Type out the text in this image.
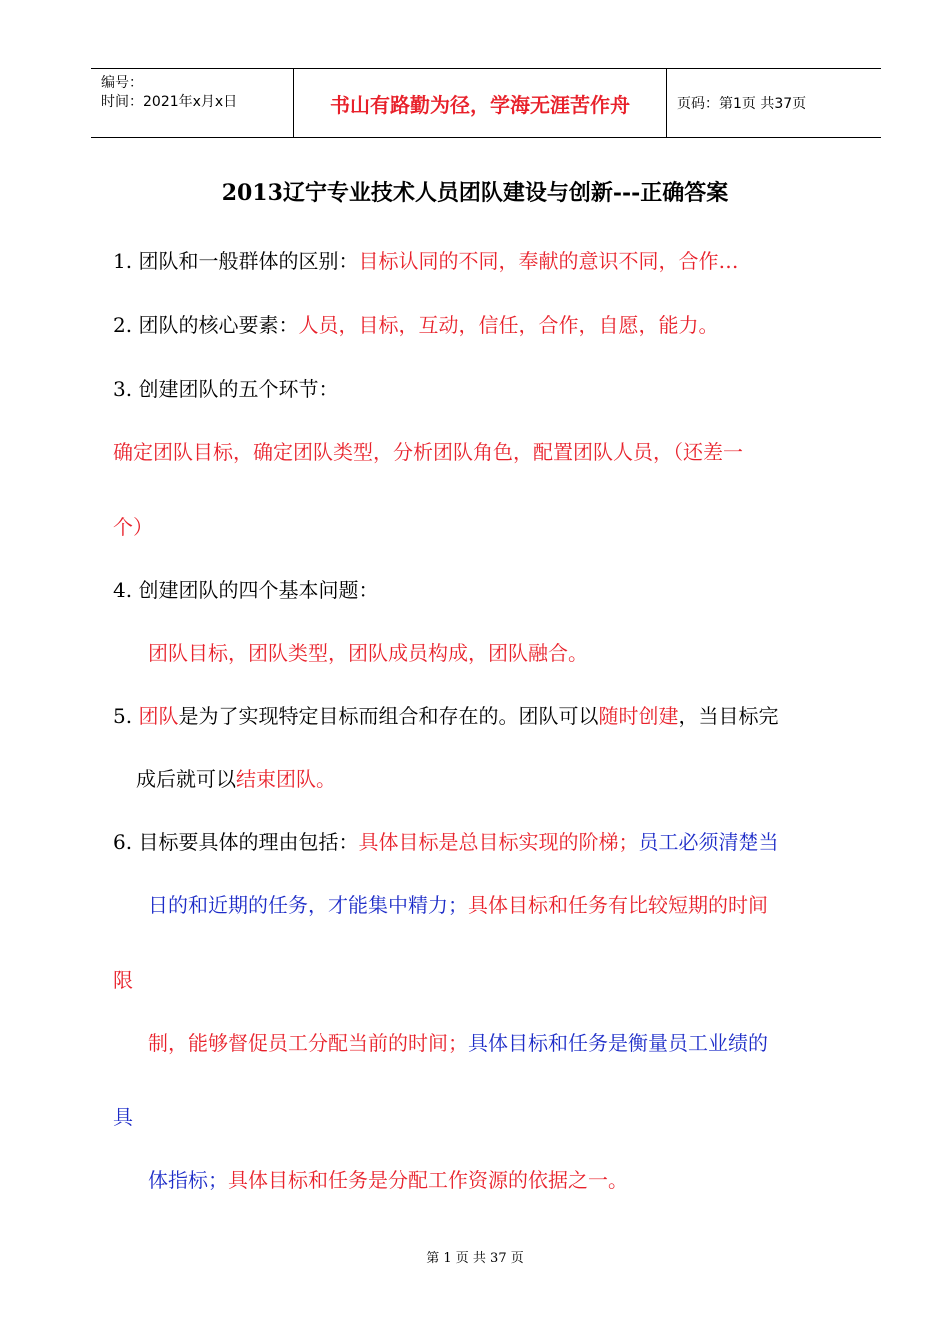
编号：
时间：2021年x月x日	书山有路勤为径，学海无涯苦作舟	页码：第1页 共37页
2013辽宁专业技术人员团队建设与创新---正确答案
1. 团队和一般群体的区别：目标认同的不同，奉献的意识不同，合作…
2. 团队的核心要素：人员，目标，互动，信任，合作，自愿，能力。
3. 创建团队的五个环节：
确定团队目标，确定团队类型，分析团队角色，配置团队人员，（还差一
个）
4. 创建团队的四个基本问题：
团队目标，团队类型，团队成员构成，团队融合。
5. 团队是为了实现特定目标而组合和存在的。团队可以随时创建，当目标完
成后就可以结束团队。
6. 目标要具体的理由包括：具体目标是总目标实现的阶梯；员工必须清楚当
日的和近期的任务，才能集中精力；具体目标和任务有比较短期的时间
限
制，能够督促员工分配当前的时间；具体目标和任务是衡量员工业绩的
具
体指标；具体目标和任务是分配工作资源的依据之一。
第 1 页 共 37 页
